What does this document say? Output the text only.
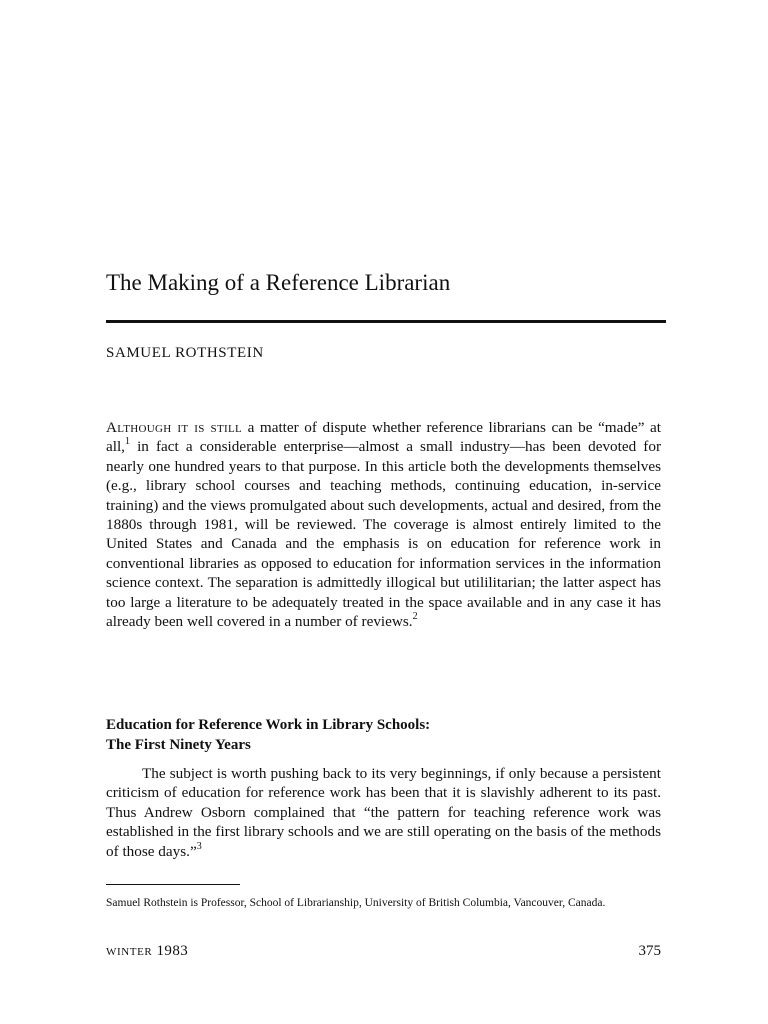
The Making of a Reference Librarian
SAMUEL ROTHSTEIN

Although it is still a matter of dispute whether reference librarians can be “made” at all,$^1$ in fact a considerable enterprise—almost a small industry—has been devoted for nearly one hundred years to that purpose. In this article both the developments themselves (e.g., library school courses and teaching methods, continuing education, in-service training) and the views promulgated about such developments, actual and desired, from the 1880s through 1981, will be reviewed. The coverage is almost entirely limited to the United States and Canada and the emphasis is on education for reference work in conventional libraries as opposed to education for information services in the information science context. The separation is admittedly illogical but utililitarian; the latter aspect has too large a literature to be adequately treated in the space available and in any case it has already been well covered in a number of reviews.$^2$

Education for Reference Work in Library Schools:
The First Ninety Years

The subject is worth pushing back to its very beginnings, if only because a persistent criticism of education for reference work has been that it is slavishly adherent to its past. Thus Andrew Osborn complained that “the pattern for teaching reference work was established in the first library schools and we are still operating on the basis of the methods of those days.”$^3$

Samuel Rothstein is Professor, School of Librarianship, University of British Columbia, Vancouver, Canada.

winter 1983	375
